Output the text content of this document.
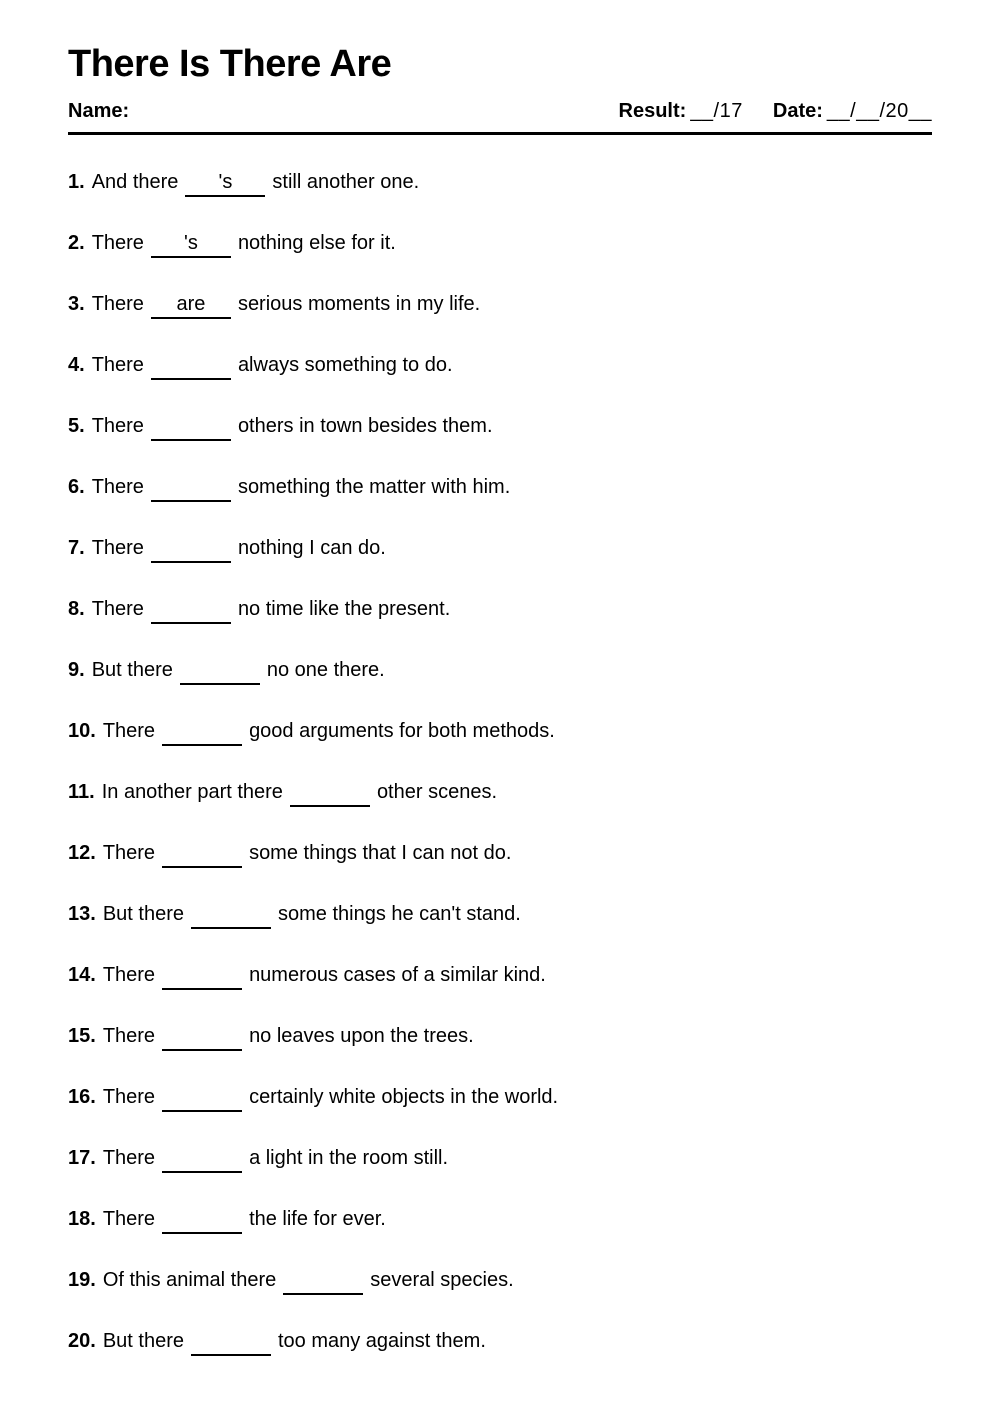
There Is There Are
Name:	Result: __/17 Date: __/__/20__
1. And there 's still another one.
2. There 's nothing else for it.
3. There are serious moments in my life.
4. There	always something to do.
5. There	others in town besides them.
6. There	something the matter with him.
7. There	nothing I can do.
8. There	no time like the present.
9. But there	no one there.
10. There	good arguments for both methods.
11. In another part there	other scenes.
12. There	some things that I can not do.
13. But there	some things he can't stand.
14. There	numerous cases of a similar kind.
15. There	no leaves upon the trees.
16. There	certainly white objects in the world.
17. There	a light in the room still.
18. There	the life for ever.
19. Of this animal there	several species.
20. But there	too many against them.
